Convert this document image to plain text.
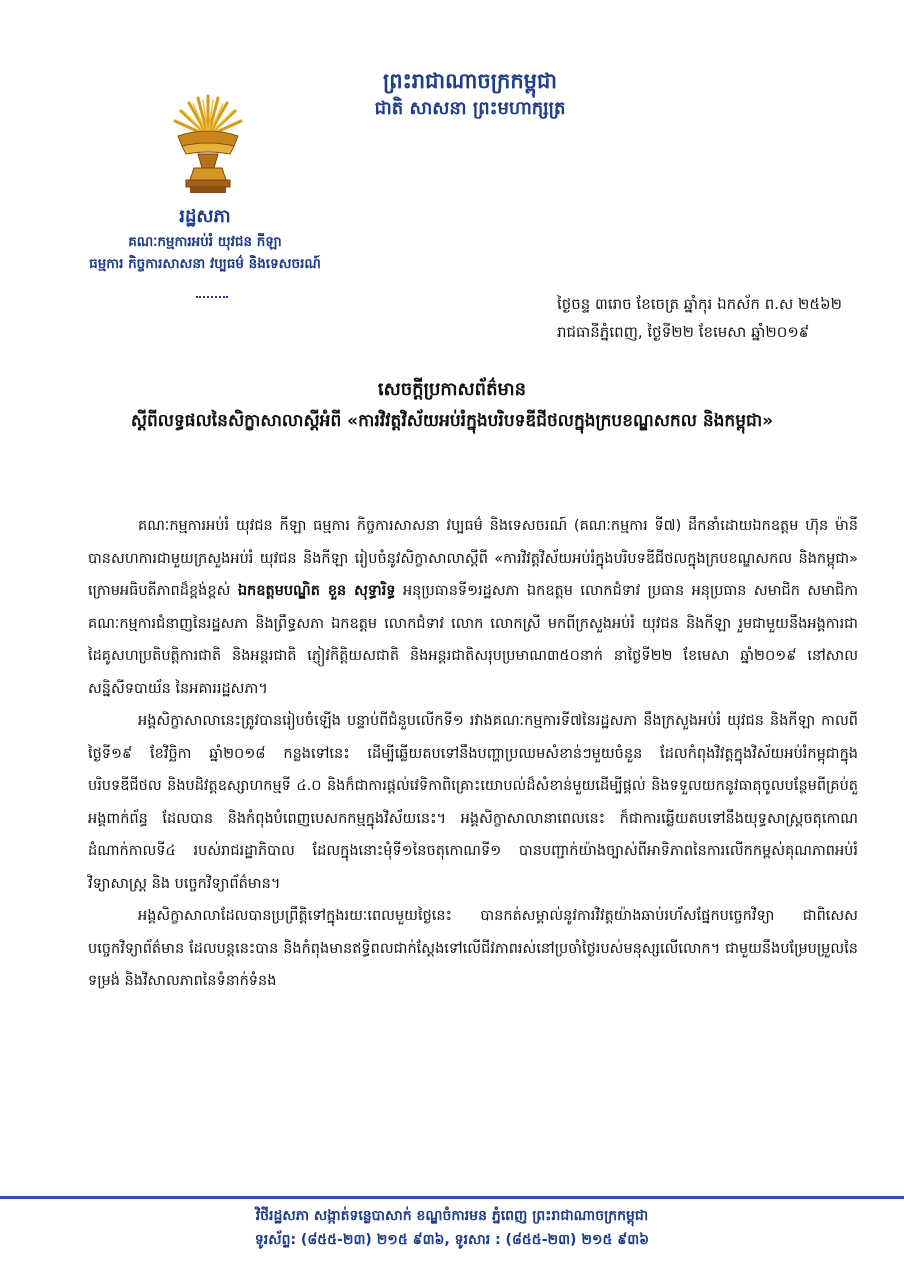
ព្រះរាជាណាចក្រកម្ពុជា
ជាតិ សាសនា ព្រះមហាក្សត្រ
រដ្ឋសភា
គណៈកម្មការអប់រំ យុវជន កីឡា
ធម្មការ កិច្ចការសាសនា វប្បធម៌ និងទេសចរណ៍
ថ្ងៃចន្ទ ៣រោច ខែចេត្រ ឆ្នាំកុរ ឯកស័ក ព.ស ២៥៦២
រាជធានីភ្នំពេញ, ថ្ងៃទី២២ ខែមេសា ឆ្នាំ២០១៩
សេចក្តីប្រកាសព័ត៌មាន
ស្តីពីលទ្ធផលនៃសិក្ខាសាលាស្តីអំពី «ការវិវត្តវិស័យអប់រំក្នុងបរិបទឌីជីថលក្នុងក្របខណ្ឌសកល និងកម្ពុជា»

គណៈកម្មការអប់រំ យុវជន កីឡា ធម្មការ កិច្ចការសាសនា វប្បធម៌ និងទេសចរណ៍ (គណៈកម្មការ ទី៧) ដឹកនាំដោយឯកឧត្តម ហ៊ុន ម៉ានី បានសហការជាមួយក្រសួងអប់រំ យុវជន និងកីឡា រៀបចំនូវសិក្ខាសាលាស្តីពី «ការវិវត្តវិស័យអប់រំក្នុងបរិបទឌីជីថលក្នុងក្របខណ្ឌសកល និងកម្ពុជា» ក្រោមអធិបតីភាពដ៏ខ្ពង់ខ្ពស់ ឯកឧត្តមបណ្ឌិត ខួន សុទ្ធារិទ្ធ អនុប្រធានទី១រដ្ឋសភា ឯកឧត្តម លោកជំទាវ ប្រធាន អនុប្រធាន សមាជិក សមាជិកា គណៈកម្មការជំនាញនៃរដ្ឋសភា និងព្រឹទ្ធសភា ឯកឧត្តម លោកជំទាវ លោក លោកស្រី មកពីក្រសួងអប់រំ យុវជន និងកីឡា រួមជាមួយនឹងអង្គការជាដៃគូសហប្រតិបត្តិការជាតិ និងអន្តរជាតិ ភ្ញៀវកិត្តិយសជាតិ និងអន្តរជាតិសរុបប្រមាណ៣៥០នាក់ នាថ្ងៃទី២២ ខែមេសា ឆ្នាំ២០១៩ នៅសាលសន្និសីទបាយ័ន នៃអគាររដ្ឋសភា។

អង្គសិក្ខាសាលានេះត្រូវបានរៀបចំឡើង បន្ទាប់ពីជំនួបលើកទី១ រវាងគណៈកម្មការទី៧នៃរដ្ឋសភា នឹងក្រសួងអប់រំ យុវជន និងកីឡា កាលពីថ្ងៃទី១៩ ខែវិច្ឆិកា ឆ្នាំ២០១៨ កន្លងទៅនេះ ដើម្បីឆ្លើយតបទៅនឹងបញ្ហាប្រឈមសំខាន់ៗមួយចំនួន ដែលកំពុងវិវត្តក្នុងវិស័យអប់រំកម្ពុជាក្នុងបរិបទឌីជីថល និងបដិវត្តឧស្សាហកម្មទី ៤.០ និងក៏ជាការផ្តល់វេទិកាពិគ្រោះយោបល់ដ៏សំខាន់មួយដើម្បីផ្តល់ និងទទួលយកនូវធាតុចូលបន្ថែមពីគ្រប់តួអង្គពាក់ព័ន្ធ ដែលបាន និងកំពុងបំពេញបេសកកម្មក្នុងវិស័យនេះ។ អង្គសិក្ខាសាលានាពេលនេះ ក៏ជាការឆ្លើយតបទៅនឹងយុទ្ធសាស្ត្រចតុកោណដំណាក់កាលទី៤ របស់រាជរដ្ឋាភិបាល ដែលក្នុងនោះមុំទី១នៃចតុកោណទី១ បានបញ្ជាក់យ៉ាងច្បាស់ពីអាទិភាពនៃការលើកកម្ពស់គុណភាពអប់រំ វិទ្យាសាស្ត្រ និង បច្ចេកវិទ្យាព័ត៌មាន។

អង្គសិក្ខាសាលាដែលបានប្រព្រឹត្តិទៅក្នុងរយៈពេលមួយថ្ងៃនេះ បានកត់សម្គាល់នូវការវិវត្តយ៉ាងឆាប់រហ័សផ្នែកបច្ចេកវិទ្យា ជាពិសេសបច្ចេកវិទ្យាព័ត៌មាន ដែលបន្តនេះបាន និងកំពុងមានឥទ្ធិពលជាក់ស្តែងទៅលើជីវភាពរស់នៅប្រចាំថ្ងៃរបស់មនុស្សលើលោក។ ជាមួយនឹងបម្រែបម្រួលនៃទម្រង់ និងវិសាលភាពនៃទំនាក់ទំនង

វិថីរដ្ឋសភា សង្កាត់ទន្លេបាសាក់ ខណ្ឌចំការមន ភ្នំពេញ ព្រះរាជាណាចក្រកម្ពុជា
ទូរស័ព្ទ: (៨៥៥-២៣) ២១៥ ៩៣៦, ទូរសារ : (៨៥៥-២៣) ២១៥ ៩៣៦
